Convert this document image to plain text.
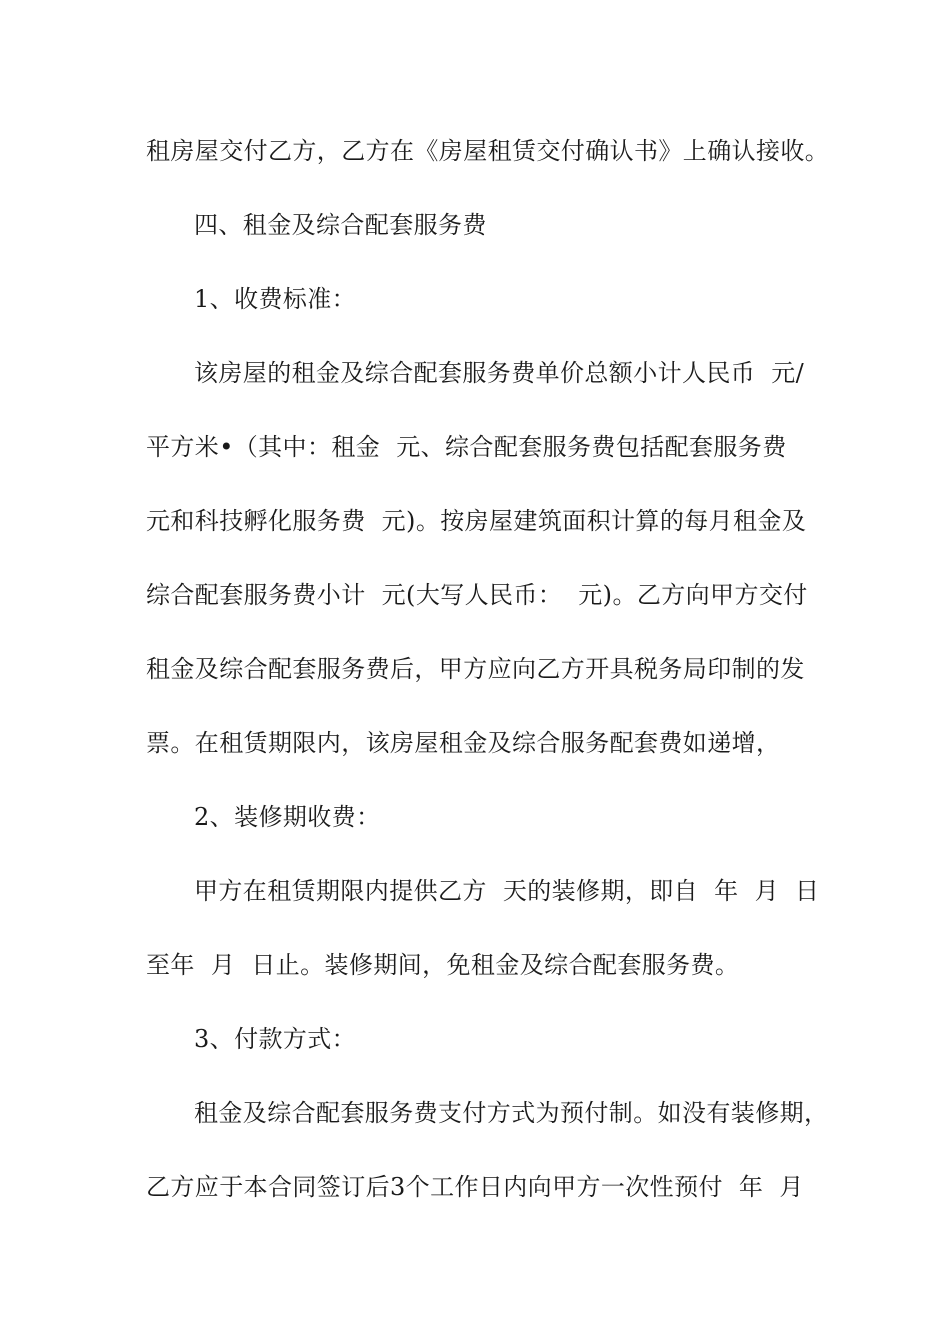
租房屋交付乙方，乙方在《房屋租赁交付确认书》上确认接收。
四、租金及综合配套服务费
1、收费标准：
该房屋的租金及综合配套服务费单价总额小计人民币  元/
平方米•（其中：租金  元、综合配套服务费包括配套服务费
元和科技孵化服务费  元)。按房屋建筑面积计算的每月租金及
综合配套服务费小计  元(大写人民币：  元)。乙方向甲方交付
租金及综合配套服务费后，甲方应向乙方开具税务局印制的发
票。在租赁期限内，该房屋租金及综合服务配套费如递增，
2、装修期收费：
甲方在租赁期限内提供乙方  天的装修期，即自  年  月  日
至年  月  日止。装修期间，免租金及综合配套服务费。
3、付款方式：
租金及综合配套服务费支付方式为预付制。如没有装修期，
乙方应于本合同签订后3个工作日内向甲方一次性预付  年  月
